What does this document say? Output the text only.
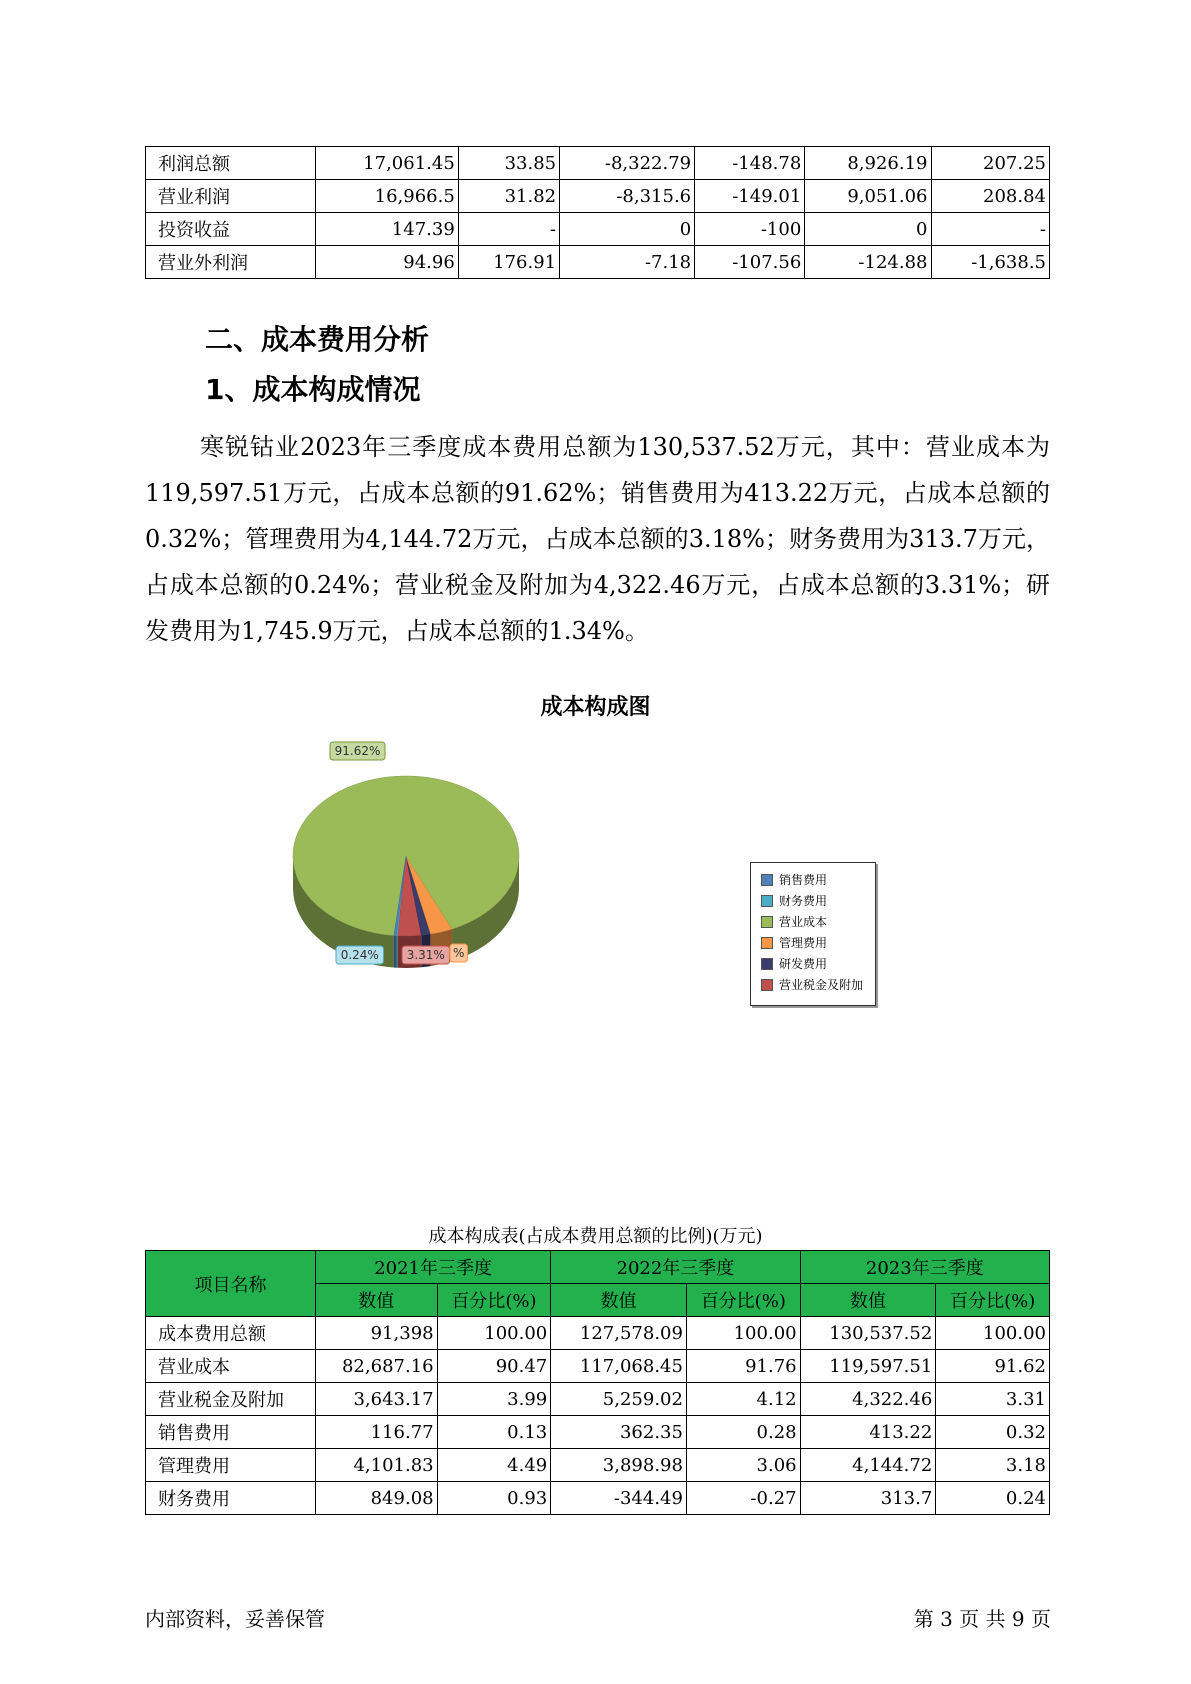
利润总额	17,061.45	33.85	-8,322.79	-148.78	8,926.19	207.25
营业利润	16,966.5	31.82	-8,315.6	-149.01	9,051.06	208.84
投资收益	147.39	-	0	-100	0	-
营业外利润	94.96	176.91	-7.18	-107.56	-124.88	-1,638.5
二、成本费用分析
1、成本构成情况

寒锐钴业2023年三季度成本费用总额为130,537.52万元，其中：营业成本为119,597.51万元，占成本总额的91.62%；销售费用为413.22万元，占成本总额的0.32%；管理费用为4,144.72万元，占成本总额的3.18%；财务费用为313.7万元，占成本总额的0.24%；营业税金及附加为4,322.46万元，占成本总额的3.31%；研发费用为1,745.9万元，占成本总额的1.34%。

成本构成图
91.62%
0.24% 3.31% %
销售费用
财务费用
营业成本
管理费用
研发费用
营业税金及附加
成本构成表(占成本费用总额的比例)(万元)
项目名称	2021年三季度		2022年三季度		2023年三季度	
	数值	百分比(%)	数值	百分比(%)	数值	百分比(%)
成本费用总额	91,398	100.00	127,578.09	100.00	130,537.52	100.00
营业成本	82,687.16	90.47	117,068.45	91.76	119,597.51	91.62
营业税金及附加	3,643.17	3.99	5,259.02	4.12	4,322.46	3.31
销售费用	116.77	0.13	362.35	0.28	413.22	0.32
管理费用	4,101.83	4.49	3,898.98	3.06	4,144.72	3.18
财务费用	849.08	0.93	-344.49	-0.27	313.7	0.24
内部资料，妥善保管	第 3 页 共 9 页
